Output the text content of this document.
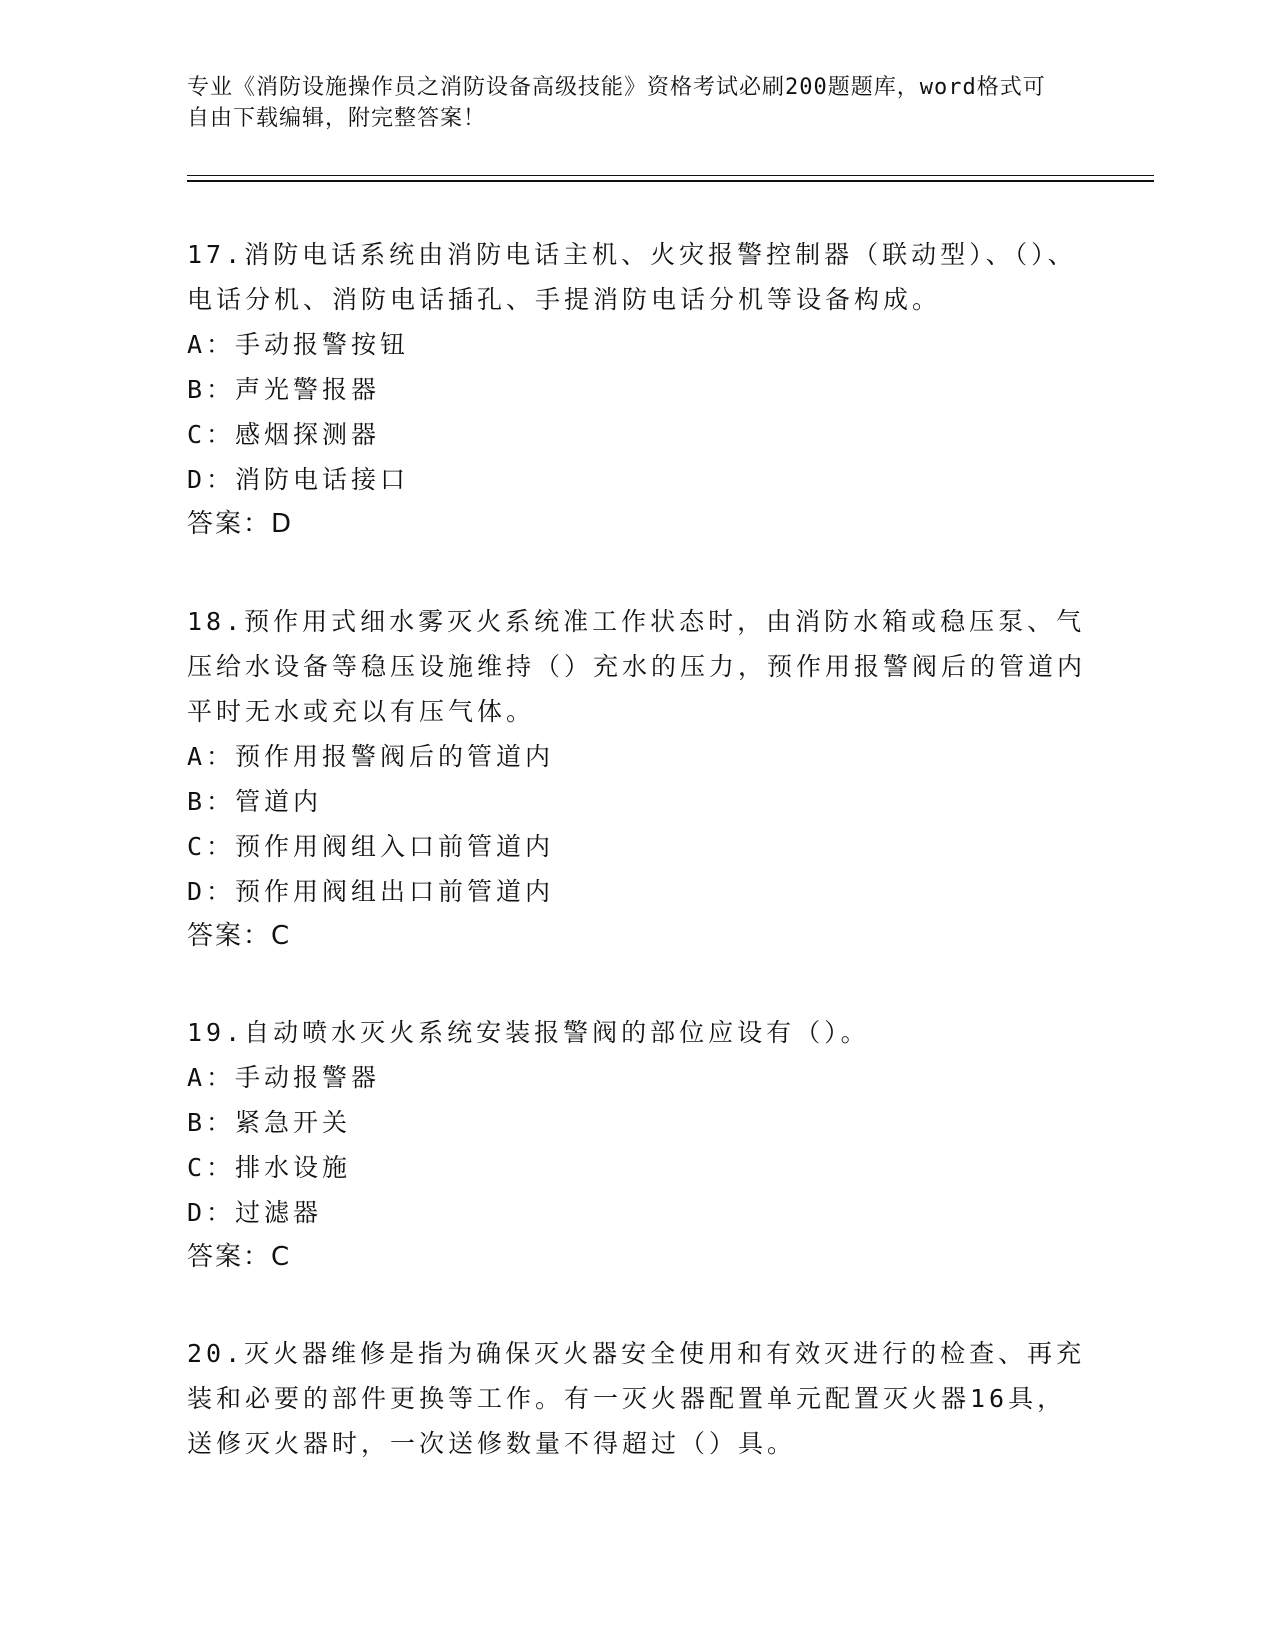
专业《消防设施操作员之消防设备高级技能》资格考试必刷200题题库，word格式可自由下载编辑，附完整答案！

17.消防电话系统由消防电话主机、火灾报警控制器（联动型）、（）、电话分机、消防电话插孔、手提消防电话分机等设备构成。

A：手动报警按钮
B：声光警报器
C：感烟探测器
D：消防电话接口
答案：D

18.预作用式细水雾灭火系统准工作状态时，由消防水箱或稳压泵、气压给水设备等稳压设施维持（）充水的压力，预作用报警阀后的管道内平时无水或充以有压气体。

A：预作用报警阀后的管道内
B：管道内
C：预作用阀组入口前管道内
D：预作用阀组出口前管道内
答案：C

19.自动喷水灭火系统安装报警阀的部位应设有（）。

A：手动报警器
B：紧急开关
C：排水设施
D：过滤器
答案：C

20.灭火器维修是指为确保灭火器安全使用和有效灭进行的检查、再充装和必要的部件更换等工作。有一灭火器配置单元配置灭火器16具，送修灭火器时，一次送修数量不得超过（）具。
